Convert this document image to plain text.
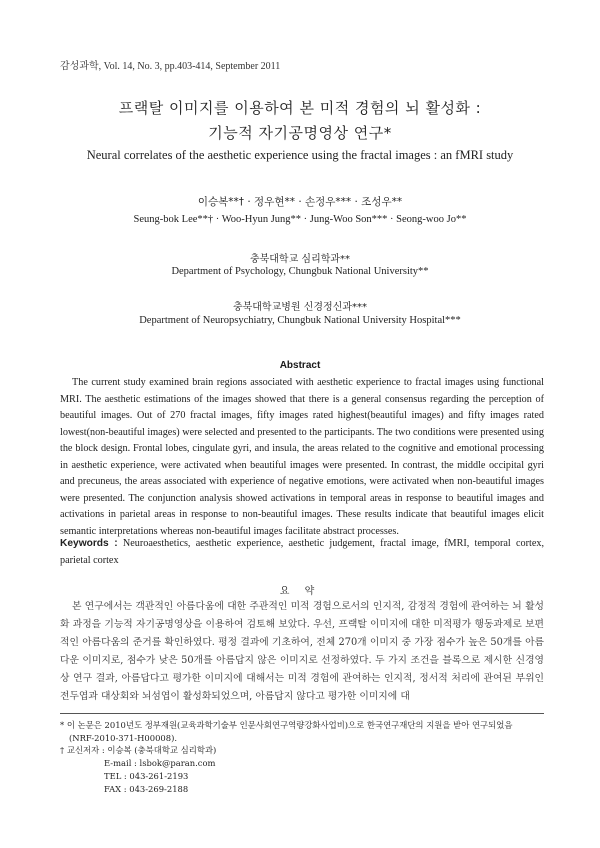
감성과학, Vol. 14, No. 3, pp.403-414, September 2011
프랙탈 이미지를 이용하여 본 미적 경험의 뇌 활성화 :
기능적 자기공명영상 연구*
Neural correlates of the aesthetic experience using the fractal images : an fMRI study
이승복**† · 정우현** · 손정우*** · 조성우**
Seung-bok Lee**† · Woo-Hyun Jung** · Jung-Woo Son*** · Seong-woo Jo**
충북대학교 심리학과**
Department of Psychology, Chungbuk National University**
충북대학교병원 신경정신과***
Department of Neuropsychiatry, Chungbuk National University Hospital***
Abstract

The current study examined brain regions associated with aesthetic experience to fractal images using functional MRI. The aesthetic estimations of the images showed that there is a general consensus regarding the perception of beautiful images. Out of 270 fractal images, fifty images rated highest(beautiful images) and fifty images rated lowest(non-beautiful images) were selected and presented to the participants. The two conditions were presented using the block design. Frontal lobes, cingulate gyri, and insula, the areas related to the cognitive and emotional processing in aesthetic experience, were activated when beautiful images were presented. In contrast, the middle occipital gyri and precuneus, the areas associated with experience of negative emotions, were activated when non-beautiful images were presented. The conjunction analysis showed activations in temporal areas in response to beautiful images and activations in parietal areas in response to non-beautiful images. These results indicate that beautiful images elicit semantic interpretations whereas non-beautiful images facilitate abstract processes.

Keywords : Neuroaesthetics, aesthetic experience, aesthetic judgement, fractal image, fMRI, temporal cortex, parietal cortex

요 약

본 연구에서는 객관적인 아름다움에 대한 주관적인 미적 경험으로서의 인지적, 감정적 경험에 관여하는 뇌 활성화 과정을 기능적 자기공명영상을 이용하여 검토해 보았다. 우선, 프랙탈 이미지에 대한 미적평가 행동과제로 보편적인 아름다움의 준거를 확인하였다. 평정 결과에 기초하여, 전체 270개 이미지 중 가장 점수가 높은 50개를 아름다운 이미지로, 점수가 낮은 50개를 아름답지 않은 이미지로 선정하였다. 두 가지 조건을 블록으로 제시한 신경영상 연구 결과, 아름답다고 평가한 이미지에 대해서는 미적 경험에 관여하는 인지적, 정서적 처리에 관여된 부위인 전두엽과 대상회와 뇌섬엽이 활성화되었으며, 아름답지 않다고 평가한 이미지에 대

* 이 논문은 2010년도 정부재원(교육과학기술부 인문사회연구역량강화사업비)으로 한국연구재단의 지원을 받아 연구되었음

(NRF-2010-371-H00008).

† 교신저자 : 이승복 (충북대학교 심리학과)

E-mail : lsbok@paran.com

TEL : 043-261-2193

FAX : 043-269-2188
